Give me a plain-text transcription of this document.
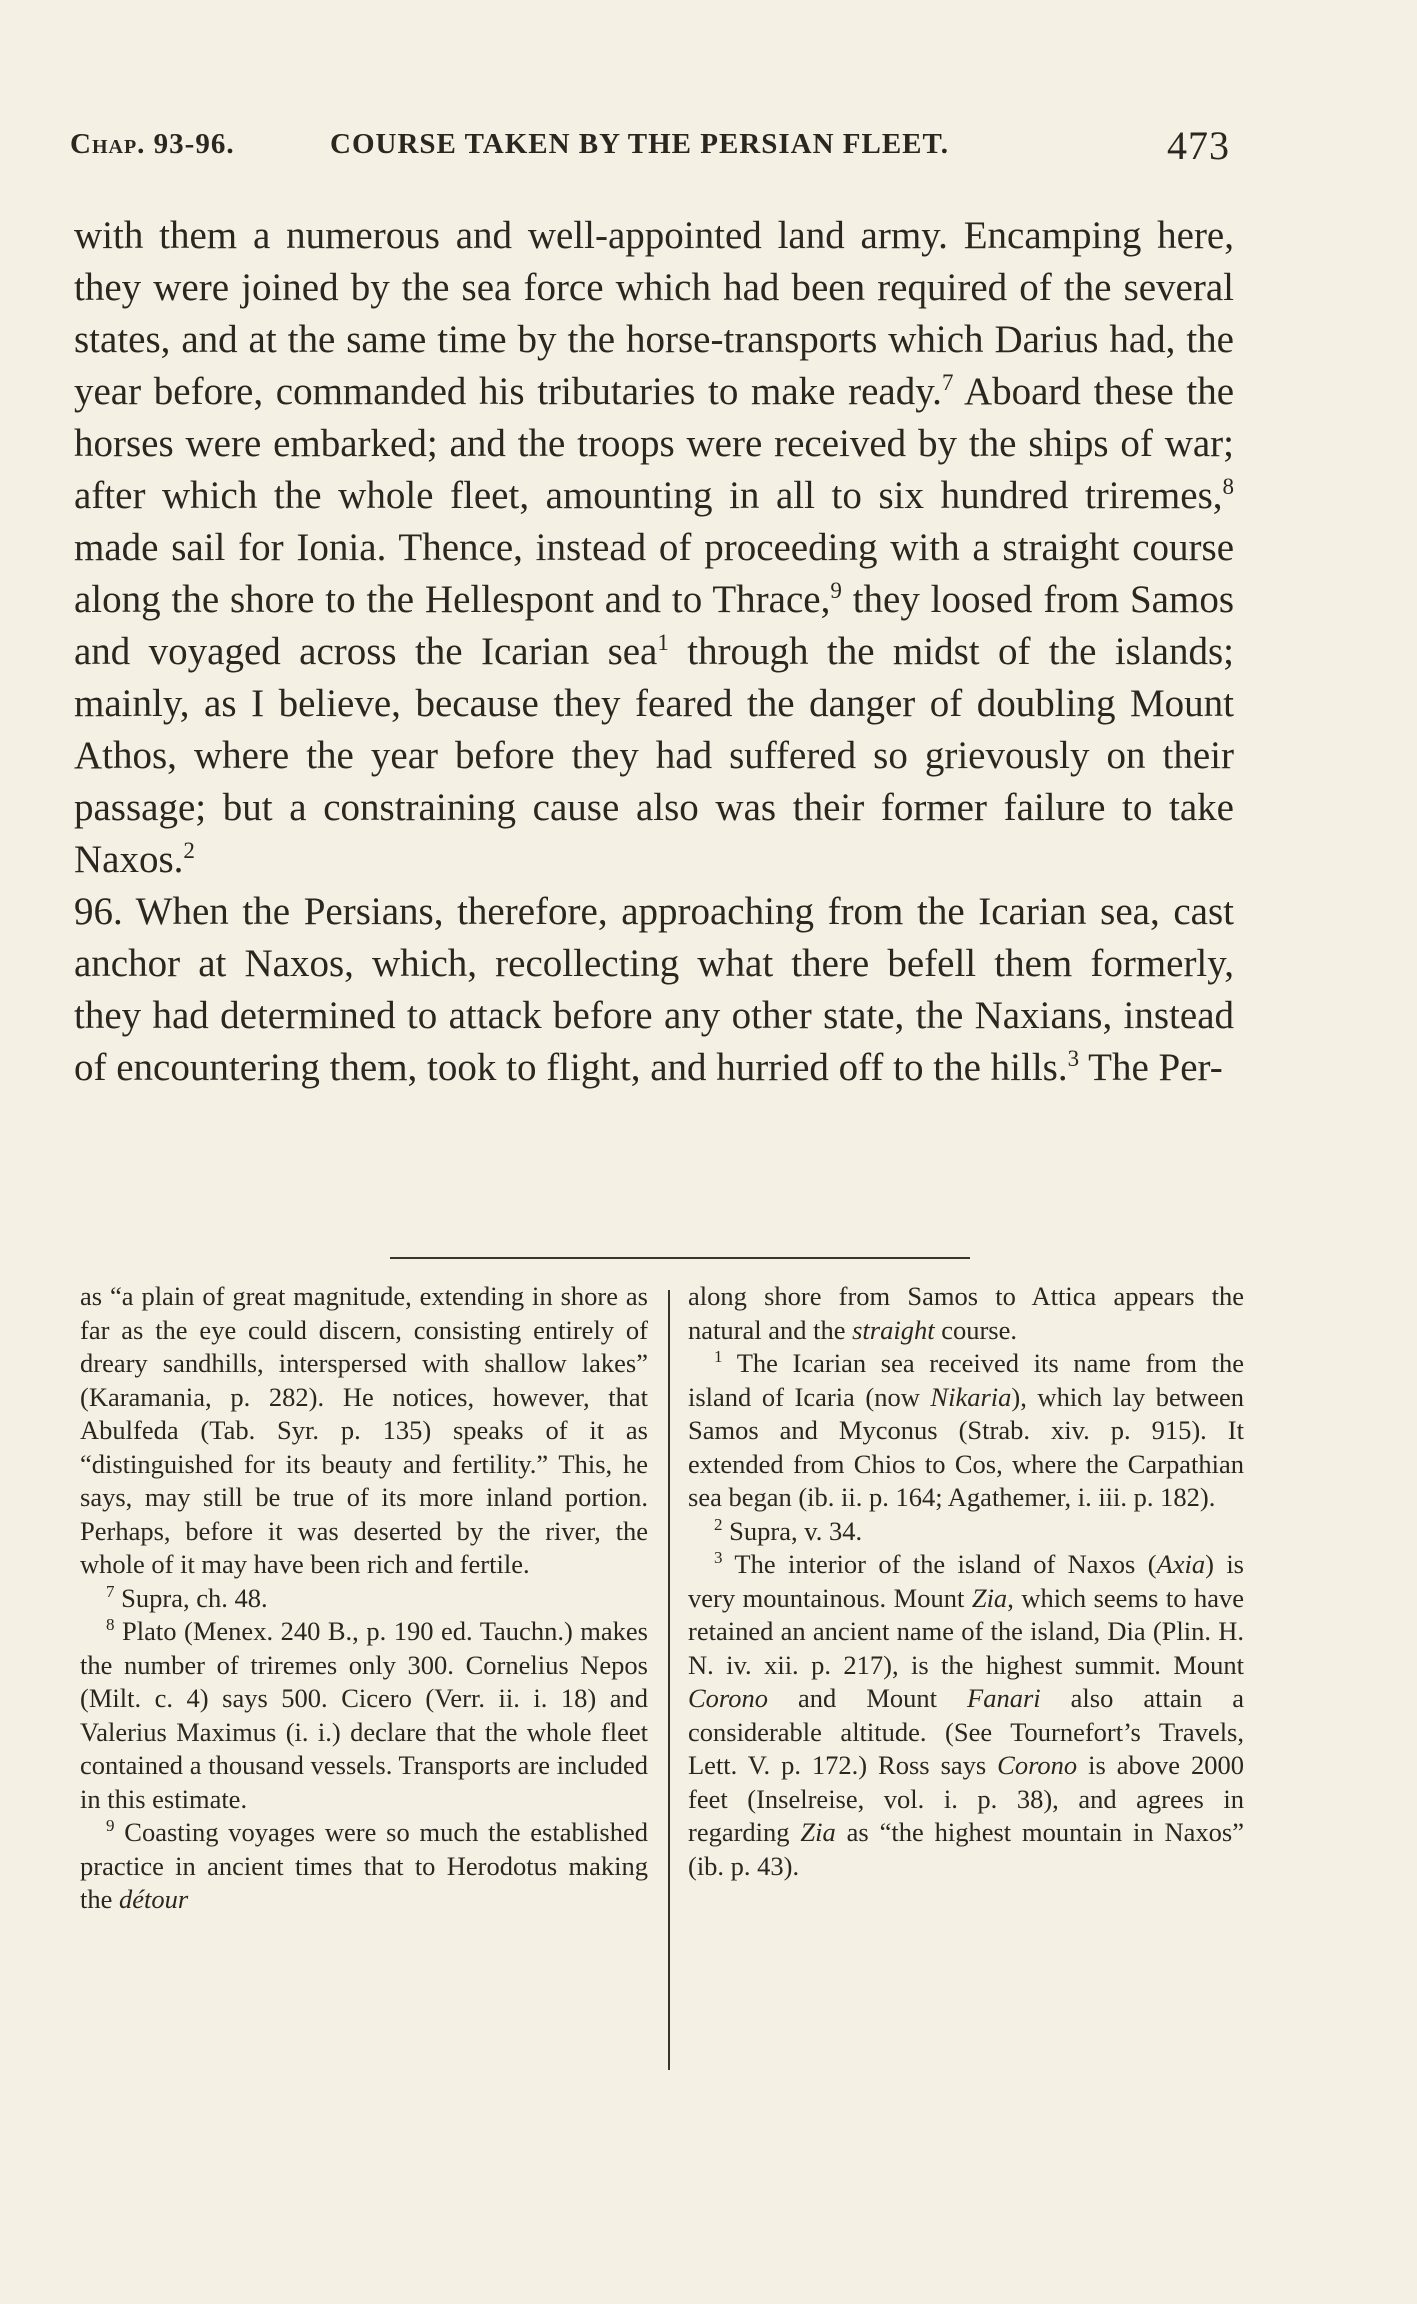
Chap. 93-96.	COURSE TAKEN BY THE PERSIAN FLEET.	473

with them a numerous and well-appointed land army. Encamping here, they were joined by the sea force which had been required of the several states, and at the same time by the horse-transports which Darius had, the year before, commanded his tributaries to make ready.$^7$ Aboard these the horses were embarked; and the troops were received by the ships of war; after which the whole fleet, amounting in all to six hundred triremes,$^8$ made sail for Ionia. Thence, instead of proceeding with a straight course along the shore to the Hellespont and to Thrace,$^9$ they loosed from Samos and voyaged across the Icarian sea$^1$ through the midst of the islands; mainly, as I believe, because they feared the danger of doubling Mount Athos, where the year before they had suffered so grievously on their passage; but a constraining cause also was their former failure to take Naxos.$^2$

96. When the Persians, therefore, approaching from the Icarian sea, cast anchor at Naxos, which, recollecting what there befell them formerly, they had determined to attack before any other state, the Naxians, instead of encountering them, took to flight, and hurried off to the hills.$^3$ The Per-

as “a plain of great magnitude, extending in shore as far as the eye could discern, consisting entirely of dreary sandhills, interspersed with shallow lakes” (Karamania, p. 282). He notices, however, that Abulfeda (Tab. Syr. p. 135) speaks of it as “distinguished for its beauty and fertility.” This, he says, may still be true of its more inland portion. Perhaps, before it was deserted by the river, the whole of it may have been rich and fertile.

$^7$ Supra, ch. 48.

$^8$ Plato (Menex. 240 B., p. 190 ed. Tauchn.) makes the number of triremes only 300. Cornelius Nepos (Milt. c. 4) says 500. Cicero (Verr. ii. i. 18) and Valerius Maximus (i. i.) declare that the whole fleet contained a thousand vessels. Transports are included in this estimate.

$^9$ Coasting voyages were so much the established practice in ancient times that to Herodotus making the détour

along shore from Samos to Attica appears the natural and the straight course.

$^1$ The Icarian sea received its name from the island of Icaria (now Nikaria), which lay between Samos and Myconus (Strab. xiv. p. 915). It extended from Chios to Cos, where the Carpathian sea began (ib. ii. p. 164; Agathemer, i. iii. p. 182).

$^2$ Supra, v. 34.

$^3$ The interior of the island of Naxos (Axia) is very mountainous. Mount Zia, which seems to have retained an ancient name of the island, Dia (Plin. H. N. iv. xii. p. 217), is the highest summit. Mount Corono and Mount Fanari also attain a considerable altitude. (See Tournefort’s Travels, Lett. V. p. 172.) Ross says Corono is above 2000 feet (Inselreise, vol. i. p. 38), and agrees in regarding Zia as “the highest mountain in Naxos” (ib. p. 43).
